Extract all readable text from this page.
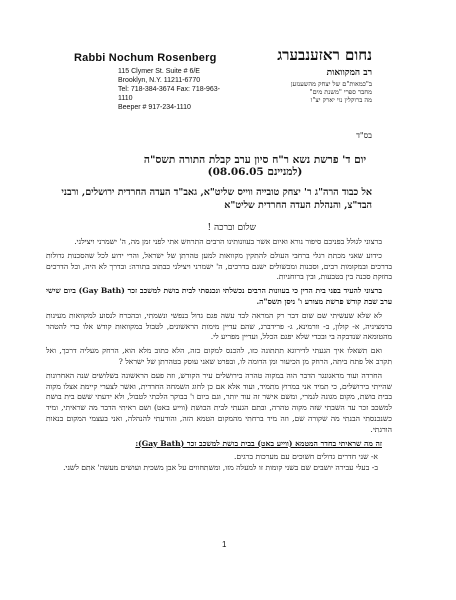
Rabbi Nochum Rosenberg
115 Clymer St. Suite # 6/E
Brooklyn, N.Y. 11211-6770
Tel: 718-384-3674 Fax: 718-963-1110
Beeper # 917-234-1110
נחום ראזענבערג
רב המקוואות
ב"כמאות"ם של יצחק מהשענזען
מחבר ספרי "משנת מים"
מה ברוקלין נוי יארק יצ"ו
בס"ד
יום ד' פרשת נשא ר"ח סיון ערב קבלת התורה תשס"ה (למניינם 08.06.05)
אל כבוד הרה"ג ר' יצחק טובייה ווייס שליט"א, גאב"ד העדה החרדית ירושלים, ורבני הבד"צ, והנהלת העדה החרדית שליט"א
שלום וברכה !

ברצוני לגולל בפניכם סיפור נורא ואיום אשר בעוונותינו הרבים התרחש אתי לפני זמן מה, ה' ישמרני ויצילני.

כידוע שאני מכתת רגלי ברחבי העולם להתקין מקוואות למען טהרתן של ישראל, והרי ידוע לכל שהסכנות גדולות בדרכים ובמקומות רבים, וסכנות ומכשולים ישנם בדרכים, ה' ישמרני ויצילני כבתוב בתורה: ובדרך לא היה, וכל הדרכים בחזקת סכנה בין בטבעות, ובין ברוחניות.

ברצוני להעיד בפני בית הדין כי בעוונות הרבים נכשלתי ונכנסתי לבית בושת למשכב זכר (Gay Bath) ביום שישי ערב שבת קודש פרשת מצורע ו' ניסן תשס"ה.

לא שלא שעשיתי שם שום דבר רק המראה לבד עשה פגם גדול בנפשי ונשמתי, ובהכרח לנסוע למקוואות מעינות ברמציניה, א- קולון, ב- וורמינא, ג- פרידברג, שהם עדיין מימות הראשונים, לטבול במקוואות קודש אלו כדי להטהר מהטומאה שנדבקה בי ובכדי שלא יפגם הכלל, ועדיין מפריע לי.

ואם תשאלו איך הגעתי לדירוגא תתתונה כזו, להכנס למקום כזה, הלא כתוב מלא הוא, הרחק מעליה דרכך, ואל תקרב אל פתח ביתה, הרחק מן הכיעור ומן הדומה לו, ובפרט שאני עוסק בטהרתן של ישראל ?

החרדה ועוד מדאגונגר הדבר הוה במקוה טהרה בירושלים עיר הקודש, וזה פעם הראשונה בשלושים שנה האחרונות שהייתי בירושלים, כי תמיד אני במרוץ מתמיד, ועוד אלא אם כן לחוג השמחה החרדית, ואשר לצערי קיימת אצלו מקוה בבית בושת, מקום מגונה לגמרי, ומשם אישר זה עוד יותר, וגם ביום ו' בבוקר הלכתי לטבול, ולא ידעתי ששם בית בושת למשכב זכר עד השבתי שזה מקוה טהרה, ובתם הגעתי לבית הבושת (ווייע באט) ושם ראיתי הדבר מה שראיתי, ומיד כשנכנסתי הבנתי מה שקורה שם, וזה מיד ברחתי מהמקום הטמא הזה, והודעתי להנהלה, ואני בעצמי המקום בנאות הורגתי.

זה מה שראיתי בחדר המטמא (ווייע באט) בבית בושת למשכב זכר (Gay Bath):

א- שני חדרים גדולים חשוכים עם מערכות ברגים.
ב- בעלי עבירה יושבים שם בשני קומות זו למעלה מזו, ומשתחווים על אבן משכית ועושים מעשה' אתם לשני.
1
